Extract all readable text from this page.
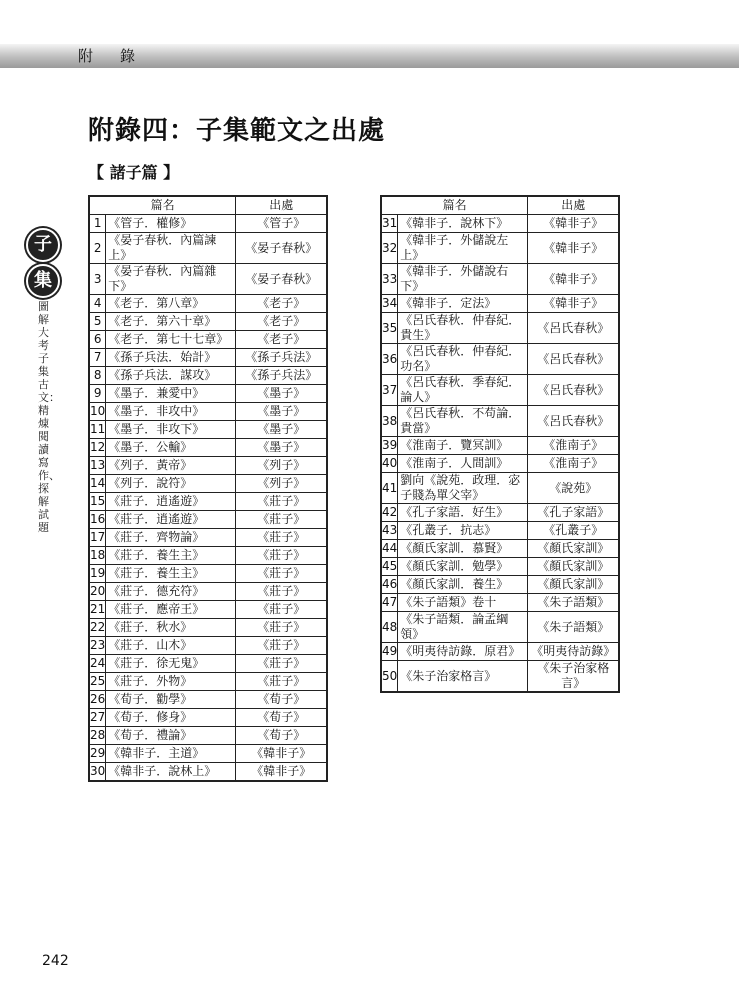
附　錄
附錄四：子集範文之出處
【 諸子篇 】
子
集
圖解大考子集古文：精煉閱讀寫作、探解試題
篇名		出處
1	《管子．權修》	《管子》
2	《晏子春秋．內篇諫上》	《晏子春秋》
3	《晏子春秋．內篇雜下》	《晏子春秋》
4	《老子．第八章》	《老子》
5	《老子．第六十章》	《老子》
6	《老子．第七十七章》	《老子》
7	《孫子兵法．始計》	《孫子兵法》
8	《孫子兵法．謀攻》	《孫子兵法》
9	《墨子．兼愛中》	《墨子》
10	《墨子．非攻中》	《墨子》
11	《墨子．非攻下》	《墨子》
12	《墨子．公輸》	《墨子》
13	《列子．黃帝》	《列子》
14	《列子．說符》	《列子》
15	《莊子．逍遙遊》	《莊子》
16	《莊子．逍遙遊》	《莊子》
17	《莊子．齊物論》	《莊子》
18	《莊子．養生主》	《莊子》
19	《莊子．養生主》	《莊子》
20	《莊子．德充符》	《莊子》
21	《莊子．應帝王》	《莊子》
22	《莊子．秋水》	《莊子》
23	《莊子．山木》	《莊子》
24	《莊子．徐无鬼》	《莊子》
25	《莊子．外物》	《莊子》
26	《荀子．勸學》	《荀子》
27	《荀子．修身》	《荀子》
28	《荀子．禮論》	《荀子》
29	《韓非子．主道》	《韓非子》
30	《韓非子．說林上》	《韓非子》
篇名		出處
31	《韓非子．說林下》	《韓非子》
32	《韓非子．外儲說左上》	《韓非子》
33	《韓非子．外儲說右下》	《韓非子》
34	《韓非子．定法》	《韓非子》
35	《呂氏春秋．仲春紀．貴生》	《呂氏春秋》
36	《呂氏春秋．仲春紀．功名》	《呂氏春秋》
37	《呂氏春秋．季春紀．論人》	《呂氏春秋》
38	《呂氏春秋．不苟論．貴當》	《呂氏春秋》
39	《淮南子．覽冥訓》	《淮南子》
40	《淮南子．人間訓》	《淮南子》
41	劉向《說苑．政理．宓子賤為單父宰》	《說苑》
42	《孔子家語．好生》	《孔子家語》
43	《孔叢子．抗志》	《孔叢子》
44	《顏氏家訓．慕賢》	《顏氏家訓》
45	《顏氏家訓．勉學》	《顏氏家訓》
46	《顏氏家訓．養生》	《顏氏家訓》
47	《朱子語類》卷十	《朱子語類》
48	《朱子語類．論孟綱領》	《朱子語類》
49	《明夷待訪錄．原君》	《明夷待訪錄》
50	《朱子治家格言》	《朱子治家格言》
242
